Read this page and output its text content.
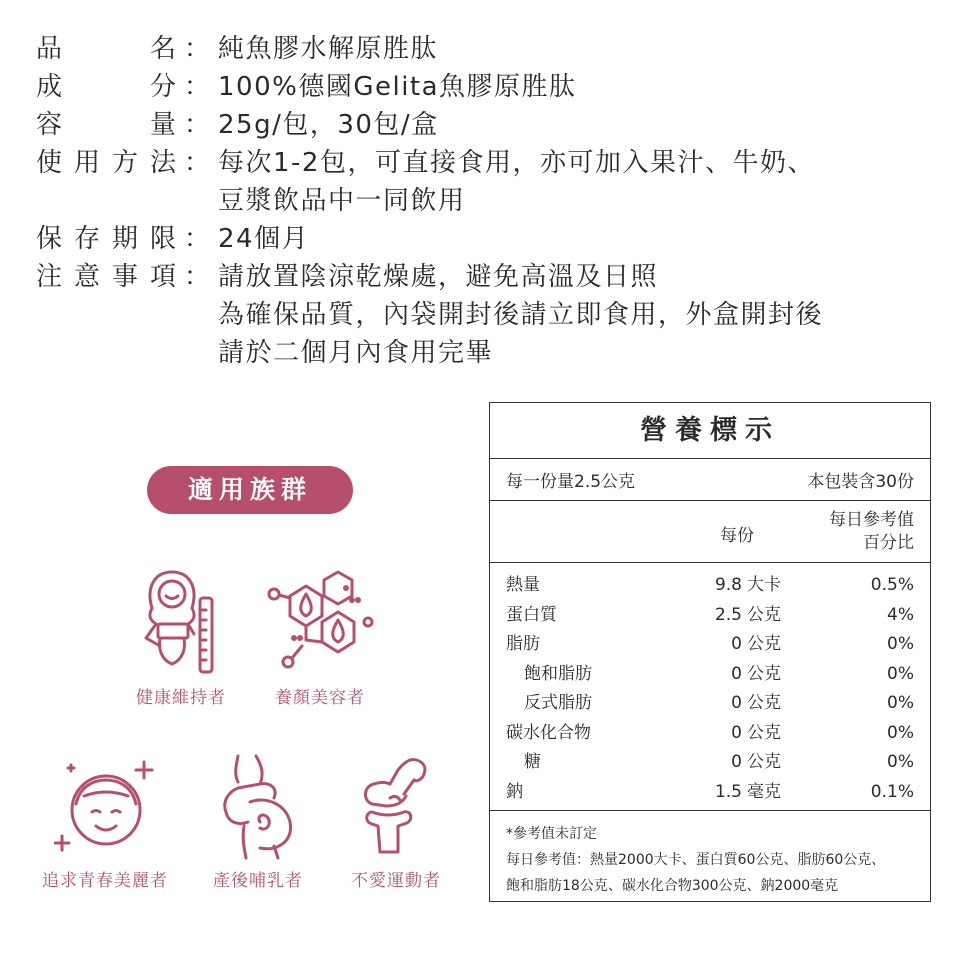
品	名 ： 純魚膠水解原胜肽
成	分 ： 100%德國Gelita魚膠原胜肽
容	量 ： 25g/包，30包/盒
使 用 方 法 ： 每次1-2包，可直接食用，亦可加入果汁、牛奶、
豆漿飲品中一同飲用
保 存 期 限 ： 24個月
注 意 事 項 ： 請放置陰涼乾燥處，避免高溫及日照
為確保品質，內袋開封後請立即食用，外盒開封後
請於二個月內食用完畢
適用族群
健康維持者	養顏美容者
追求青春美麗者	產後哺乳者	不愛運動者
營養標示
每一份量2.5公克	本包裝含30份
每份
每日參考值
百分比
熱量	9.8 大卡	0.5%
蛋白質	2.5 公克	4%
脂肪	0 公克	0%
飽和脂肪	0 公克	0%
反式脂肪	0 公克	0%
碳水化合物	0 公克	0%
糖	0 公克	0%
鈉	1.5 毫克	0.1%
*參考值未訂定
每日參考值：熱量2000大卡、蛋白質60公克、脂肪60公克、
飽和脂肪18公克、碳水化合物300公克、鈉2000毫克
